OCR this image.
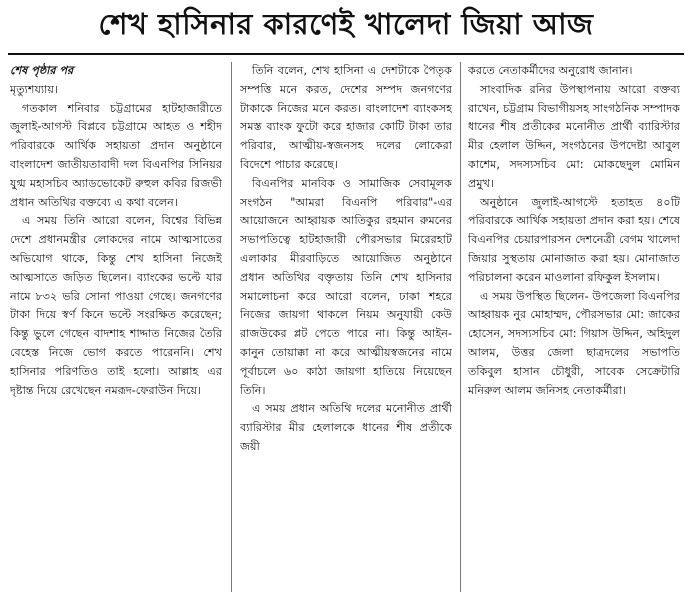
শেখ হাসিনার কারণেই খালেদা জিয়া আজ

শেষ পৃষ্ঠার পর

মৃত্যুশয্যায়।

গতকাল শনিবার চট্টগ্রামের হাটহাজারীতে জুলাই-আগস্ট বিপ্লবে চট্টগ্রামে আহত ও শহীদ পরিবারকে আর্থিক সহায়তা প্রদান অনুষ্ঠানে বাংলাদেশ জাতীয়তাবাদী দল বিএনপির সিনিয়র যুগ্ম মহাসচিব অ্যাডভোকেট রুহুল কবির রিজভী প্রধান অতিথির বক্তব্যে এ কথা বলেন।

এ সময় তিনি আরো বলেন, বিশ্বের বিভিন্ন দেশে প্রধানমন্ত্রীর লোকদের নামে আত্মসাতের অভিযোগ থাকে, কিন্তু শেখ হাসিনা নিজেই আত্মসাতে জড়িত ছিলেন। ব্যাংকের ভল্টে যার নামে ৮৩২ ভরি সোনা পাওয়া গেছে। জনগণের টাকা দিয়ে স্বর্ণ কিনে ভল্টে সংরক্ষিত করেছেন; কিন্তু ভুলে গেছেন বাদশাহ শাদ্দাত নিজের তৈরি বেহেস্ত নিজে ভোগ করতে পারেননি। শেখ হাসিনার পরিণতিও তাই হলো। আল্লাহ এর দৃষ্টান্ত দিয়ে রেখেছেন নমরূদ-ফেরাউন দিয়ে।

তিনি বলেন, শেখ হাসিনা এ দেশটাকে পৈতৃক সম্পত্তি মনে করত, দেশের সম্পদ জনগণের টাকাকে নিজের মনে করত। বাংলাদেশ ব্যাংকসহ সমস্ত ব্যাংক ফুটো করে হাজার কোটি টাকা তার পরিবার, আত্মীয়-স্বজনসহ দলের লোকেরা বিদেশে পাচার করেছে।

বিএনপির মানবিক ও সামাজিক সেবামূলক সংগঠন "আমরা বিএনপি পরিবার"-এর আয়োজনে আহ্বায়ক আতিকুর রহমান রুমনের সভাপতিত্বে হাটহাজারী পৌরসভার মিরেরহাট এলাকার মীরবাড়িতে আয়োজিত অনুষ্ঠানে প্রধান অতিথির বক্তৃতায় তিনি শেখ হাসিনার সমালোচনা করে আরো বলেন, ঢাকা শহরে নিজের জায়গা থাকলে নিয়ম অনুযায়ী কেউ রাজউকের প্লট পেতে পারে না। কিন্তু আইন-কানুন তোয়াক্কা না করে আত্মীয়স্বজনের নামে পূর্বাচলে ৬০ কাঠা জায়গা হাতিয়ে নিয়েছেন তিনি।

এ সময় প্রধান অতিথি দলের মনোনীত প্রার্থী ব্যারিস্টার মীর হেলালকে ধানের শীষ প্রতীকে জয়ী

করতে নেতাকর্মীদের অনুরোধ জানান।

সাংবাদিক রনির উপস্থাপনায় আরো বক্তব্য রাখেন, চট্টগ্রাম বিভাগীয়সহ সাংগঠনিক সম্পাদক ধানের শীষ প্রতীকের মনোনীত প্রার্থী ব্যারিস্টার মীর হেলাল উদ্দিন, সংগঠনের উপদেষ্টা আবুল কাশেম, সদস্যসচিব মো: মোকছেদুল মোমিন প্রমুখ।

অনুষ্ঠানে জুলাই-আগস্টে হতাহত ৪০টি পরিবারকে আর্থিক সহায়তা প্রদান করা হয়। শেষে বিএনপির চেয়ারপারসন দেশনেত্রী বেগম খালেদা জিয়ার সুস্থতায় মোনাজাত করা হয়। মোনাজাত পরিচালনা করেন মাওলানা রফিকুল ইসলাম।

এ সময় উপস্থিত ছিলেন- উপজেলা বিএনপির আহ্বায়ক নুর মোহাম্মদ, পৌরসভার মো: জাকের হোসেন, সদস্যসচিব মো: গিয়াস উদ্দিন, অহিদুল আলম, উত্তর জেলা ছাত্রদলের সভাপতি তকিবুল হাসান চৌধুরী, সাবেক সেক্রেটারি মনিরুল আলম জনিসহ নেতাকর্মীরা।
